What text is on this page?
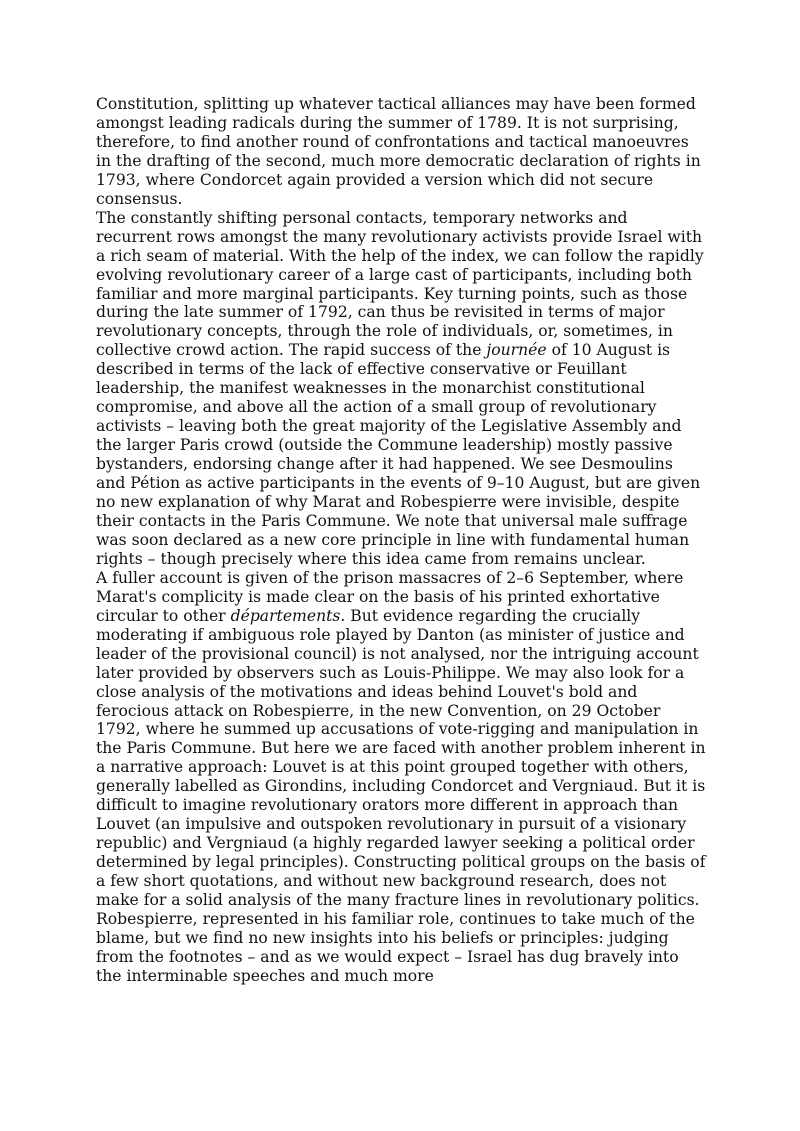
Constitution, splitting up whatever tactical alliances may have been formed amongst leading radicals during the summer of 1789. It is not surprising, therefore, to find another round of confrontations and tactical manoeuvres in the drafting of the second, much more democratic declaration of rights in 1793, where Condorcet again provided a version which did not secure consensus.

The constantly shifting personal contacts, temporary networks and recurrent rows amongst the many revolutionary activists provide Israel with a rich seam of material. With the help of the index, we can follow the rapidly evolving revolutionary career of a large cast of participants, including both familiar and more marginal participants. Key turning points, such as those during the late summer of 1792, can thus be revisited in terms of major revolutionary concepts, through the role of individuals, or, sometimes, in collective crowd action. The rapid success of the journée of 10 August is described in terms of the lack of effective conservative or Feuillant leadership, the manifest weaknesses in the monarchist constitutional compromise, and above all the action of a small group of revolutionary activists – leaving both the great majority of the Legislative Assembly and the larger Paris crowd (outside the Commune leadership) mostly passive bystanders, endorsing change after it had happened. We see Desmoulins and Pétion as active participants in the events of 9–10 August, but are given no new explanation of why Marat and Robespierre were invisible, despite their contacts in the Paris Commune. We note that universal male suffrage was soon declared as a new core principle in line with fundamental human rights – though precisely where this idea came from remains unclear.

A fuller account is given of the prison massacres of 2–6 September, where Marat's complicity is made clear on the basis of his printed exhortative circular to other départements. But evidence regarding the crucially moderating if ambiguous role played by Danton (as minister of justice and leader of the provisional council) is not analysed, nor the intriguing account later provided by observers such as Louis-Philippe. We may also look for a close analysis of the motivations and ideas behind Louvet's bold and ferocious attack on Robespierre, in the new Convention, on 29 October 1792, where he summed up accusations of vote-rigging and manipulation in the Paris Commune. But here we are faced with another problem inherent in a narrative approach: Louvet is at this point grouped together with others, generally labelled as Girondins, including Condorcet and Vergniaud. But it is difficult to imagine revolutionary orators more different in approach than Louvet (an impulsive and outspoken revolutionary in pursuit of a visionary republic) and Vergniaud (a highly regarded lawyer seeking a political order determined by legal principles). Constructing political groups on the basis of a few short quotations, and without new background research, does not make for a solid analysis of the many fracture lines in revolutionary politics. Robespierre, represented in his familiar role, continues to take much of the blame, but we find no new insights into his beliefs or principles: judging from the footnotes – and as we would expect – Israel has dug bravely into the interminable speeches and much more
